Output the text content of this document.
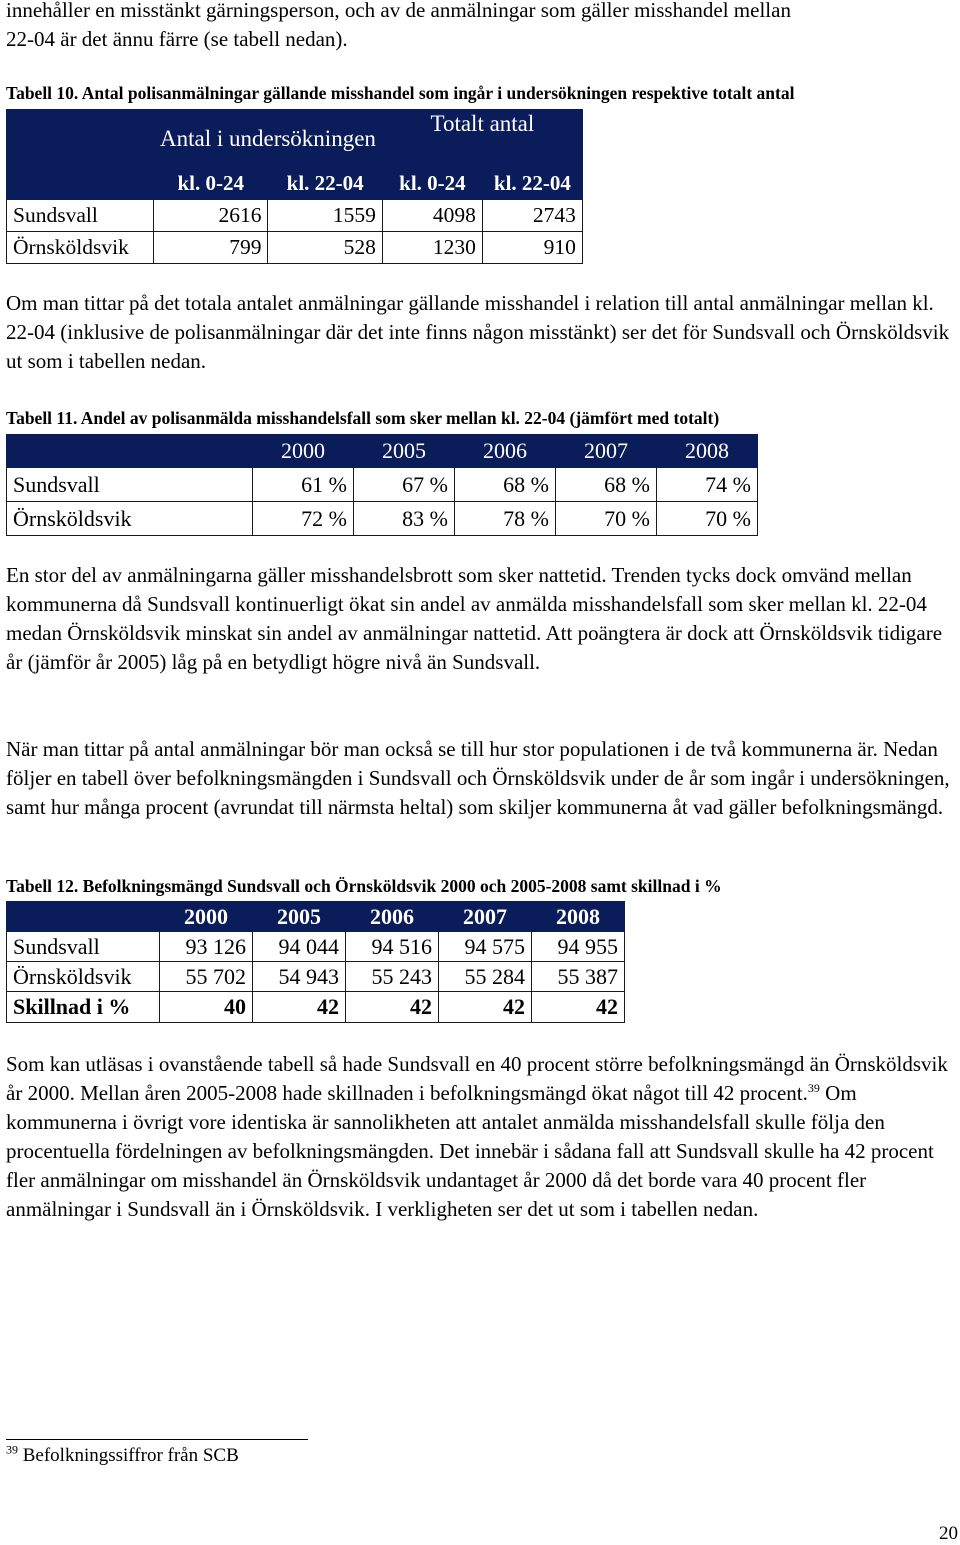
innehåller en misstänkt gärningsperson, och av de anmälningar som gäller misshandel mellan

22-04 är det ännu färre (se tabell nedan).

Tabell 10. Antal polisanmälningar gällande misshandel som ingår i undersökningen respektive totalt antal

	Antal i undersökningen		Totalt antal	
	kl. 0-24	kl. 22-04	kl. 0-24	kl. 22-04
Sundsvall	2616	1559	4098	2743
Örnsköldsvik	799	528	1230	910

Om man tittar på det totala antalet anmälningar gällande misshandel i relation till antal anmälningar mellan kl. 22-04 (inklusive de polisanmälningar där det inte finns någon misstänkt) ser det för Sundsvall och Örnsköldsvik ut som i tabellen nedan.

Tabell 11. Andel av polisanmälda misshandelsfall som sker mellan kl. 22-04 (jämfört med totalt)

	2000	2005	2006	2007	2008
Sundsvall	61 %	67 %	68 %	68 %	74 %
Örnsköldsvik	72 %	83 %	78 %	70 %	70 %

En stor del av anmälningarna gäller misshandelsbrott som sker nattetid. Trenden tycks dock omvänd mellan kommunerna då Sundsvall kontinuerligt ökat sin andel av anmälda misshandelsfall som sker mellan kl. 22-04 medan Örnsköldsvik minskat sin andel av anmälningar nattetid. Att poängtera är dock att Örnsköldsvik tidigare år (jämför år 2005) låg på en betydligt högre nivå än Sundsvall.

När man tittar på antal anmälningar bör man också se till hur stor populationen i de två kommunerna är. Nedan följer en tabell över befolkningsmängden i Sundsvall och Örnsköldsvik under de år som ingår i undersökningen, samt hur många procent (avrundat till närmsta heltal) som skiljer kommunerna åt vad gäller befolkningsmängd.

Tabell 12. Befolkningsmängd Sundsvall och Örnsköldsvik 2000 och 2005-2008 samt skillnad i %

	2000	2005	2006	2007	2008
Sundsvall	93 126	94 044	94 516	94 575	94 955
Örnsköldsvik	55 702	54 943	55 243	55 284	55 387
Skillnad i %	40	42	42	42	42

Som kan utläsas i ovanstående tabell så hade Sundsvall en 40 procent större befolkningsmängd än Örnsköldsvik år 2000. Mellan åren 2005-2008 hade skillnaden i befolkningsmängd ökat något till 42 procent.$^{39}$ Om kommunerna i övrigt vore identiska är sannolikheten att antalet anmälda misshandelsfall skulle följa den procentuella fördelningen av befolkningsmängden. Det innebär i sådana fall att Sundsvall skulle ha 42 procent fler anmälningar om misshandel än Örnsköldsvik undantaget år 2000 då det borde vara 40 procent fler anmälningar i Sundsvall än i Örnsköldsvik. I verkligheten ser det ut som i tabellen nedan.

$^{39}$ Befolkningssiffror från SCB
20
